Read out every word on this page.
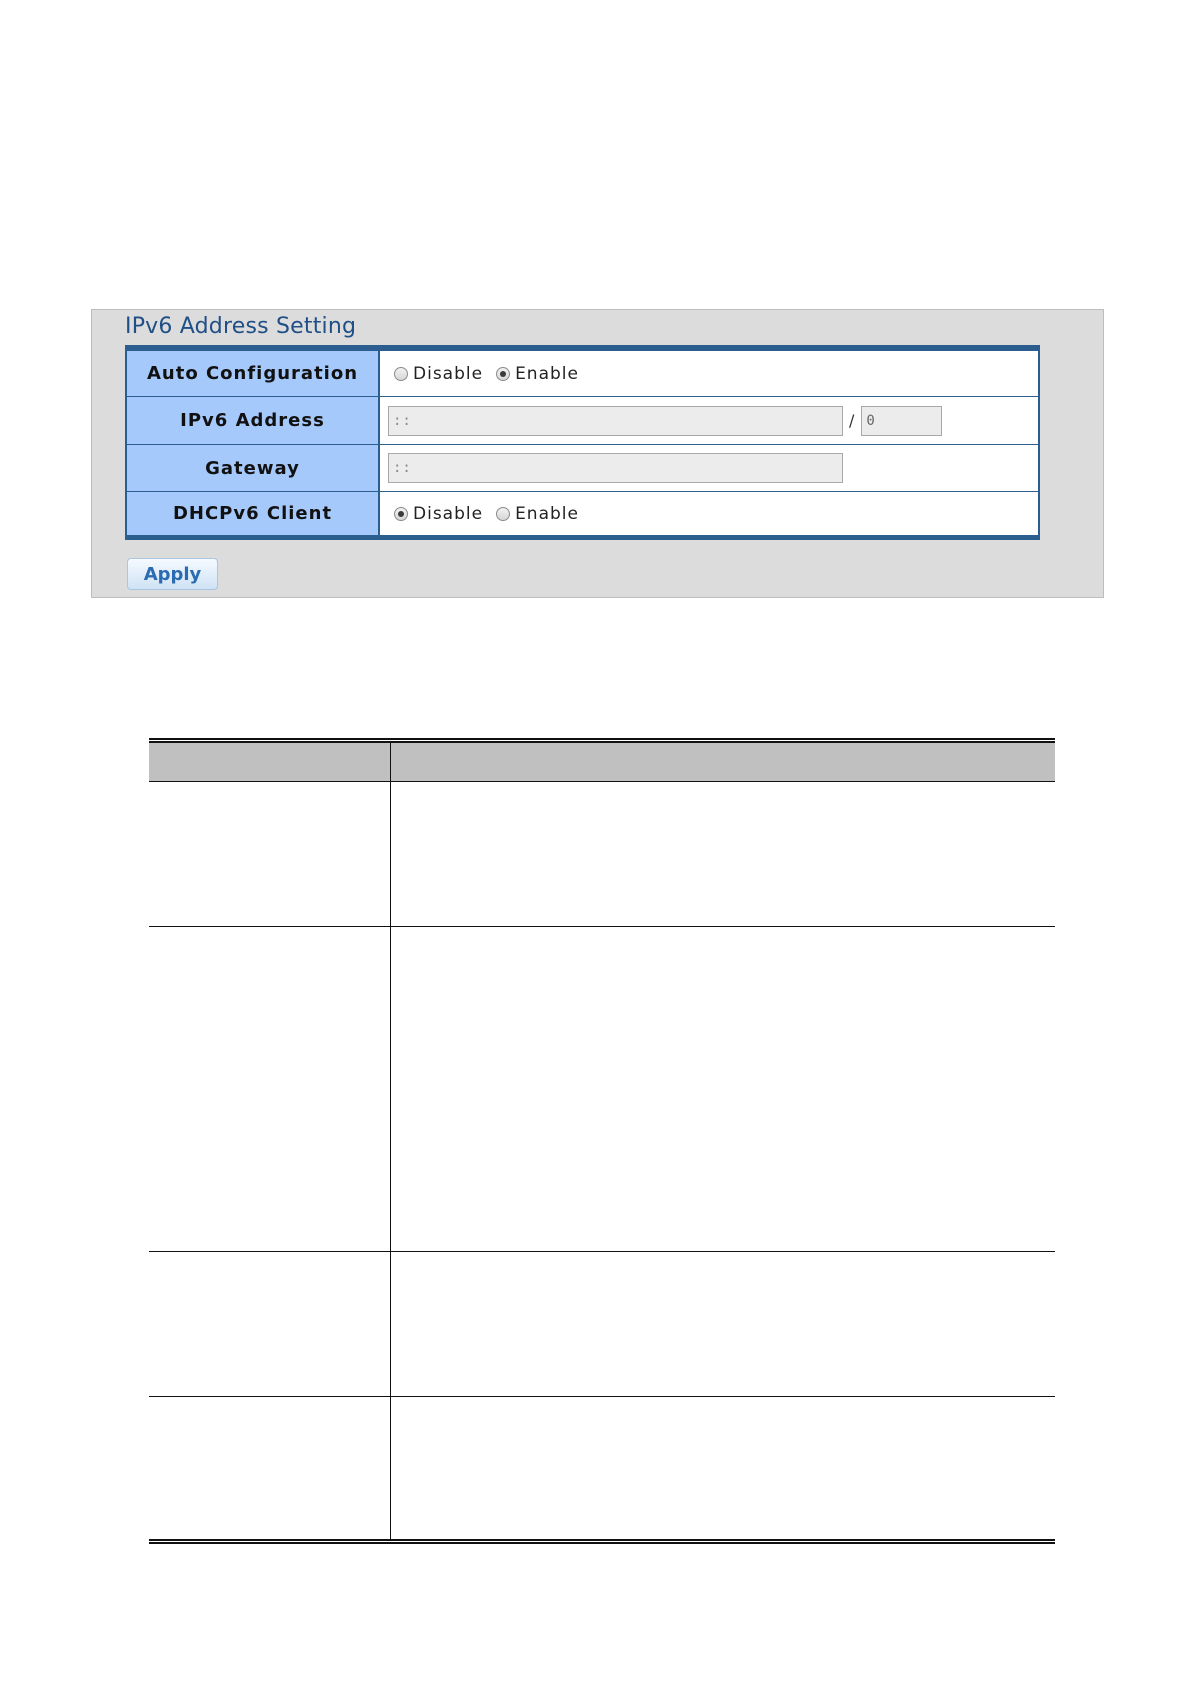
IPv6 Address Setting
Auto Configuration	Disable Enable
IPv6 Address	::	/ 0
Gateway	::
DHCPv6 Client	Disable Enable
Apply
